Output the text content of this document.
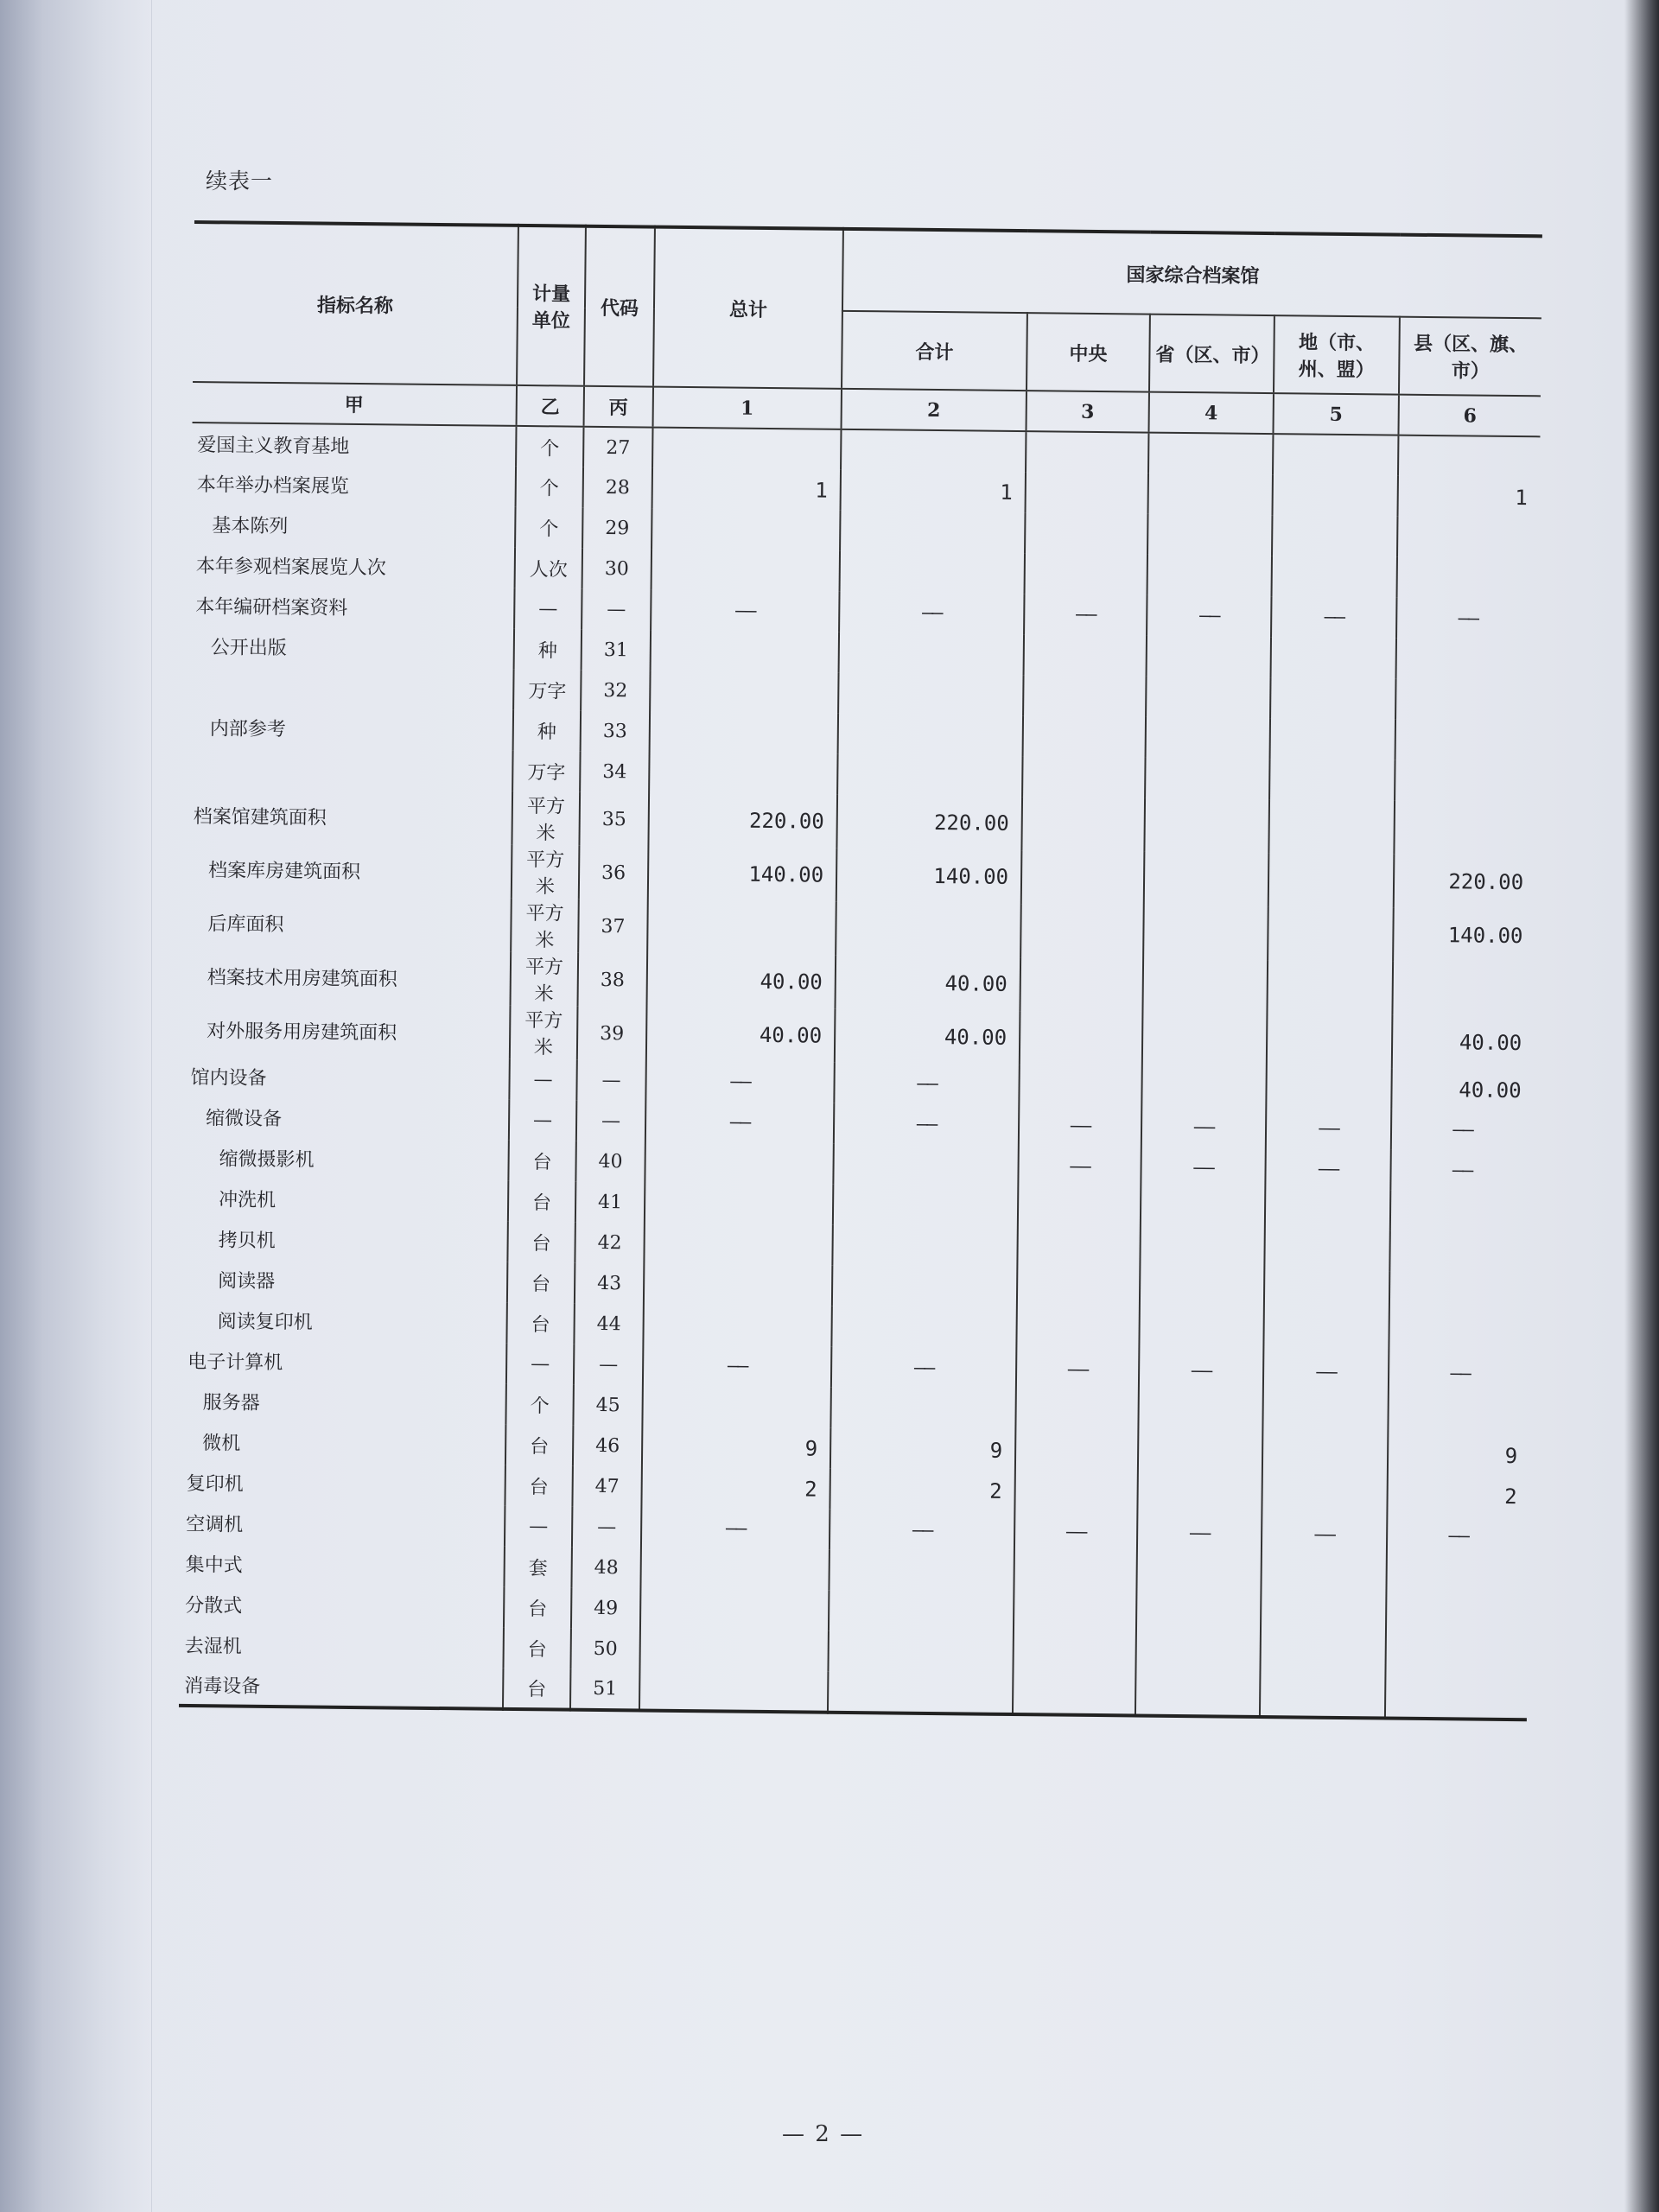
续表一
指标名称	计量单位	代码	总计	国家综合档案馆				
				合计	中央	省（区、市）	地（市、州、盟）	县（区、旗、市）
甲	乙	丙	1	2	3	4	5	6
爱国主义教育基地	个	27						
本年举办档案展览	个	28	1	1				1
基本陈列	个	29						
本年参观档案展览人次	人次	30						
本年编研档案资料	—	—	——	——	——	——	——	——
公开出版	种	31						
	万字	32						
内部参考	种	33						
	万字	34						
档案馆建筑面积	平方米	35	220.00	220.00				
档案库房建筑面积	平方米	36	140.00	140.00				220.00
后库面积	平方米	37						140.00
档案技术用房建筑面积	平方米	38	40.00	40.00				
对外服务用房建筑面积	平方米	39	40.00	40.00				40.00
馆内设备	—	—	——	——				40.00
缩微设备	—	—	——	——	——	——	——	——
缩微摄影机	台	40			——	——	——	——
冲洗机	台	41						
拷贝机	台	42						
阅读器	台	43						
阅读复印机	台	44						
电子计算机	—	—	——	——	——	——	——	——
服务器	个	45						
微机	台	46	9	9				9
复印机	台	47	2	2				2
空调机	—	—	——	——	——	——	——	——
集中式	套	48						
分散式	台	49						
去湿机	台	50						
消毒设备	台	51						
— 2 —
